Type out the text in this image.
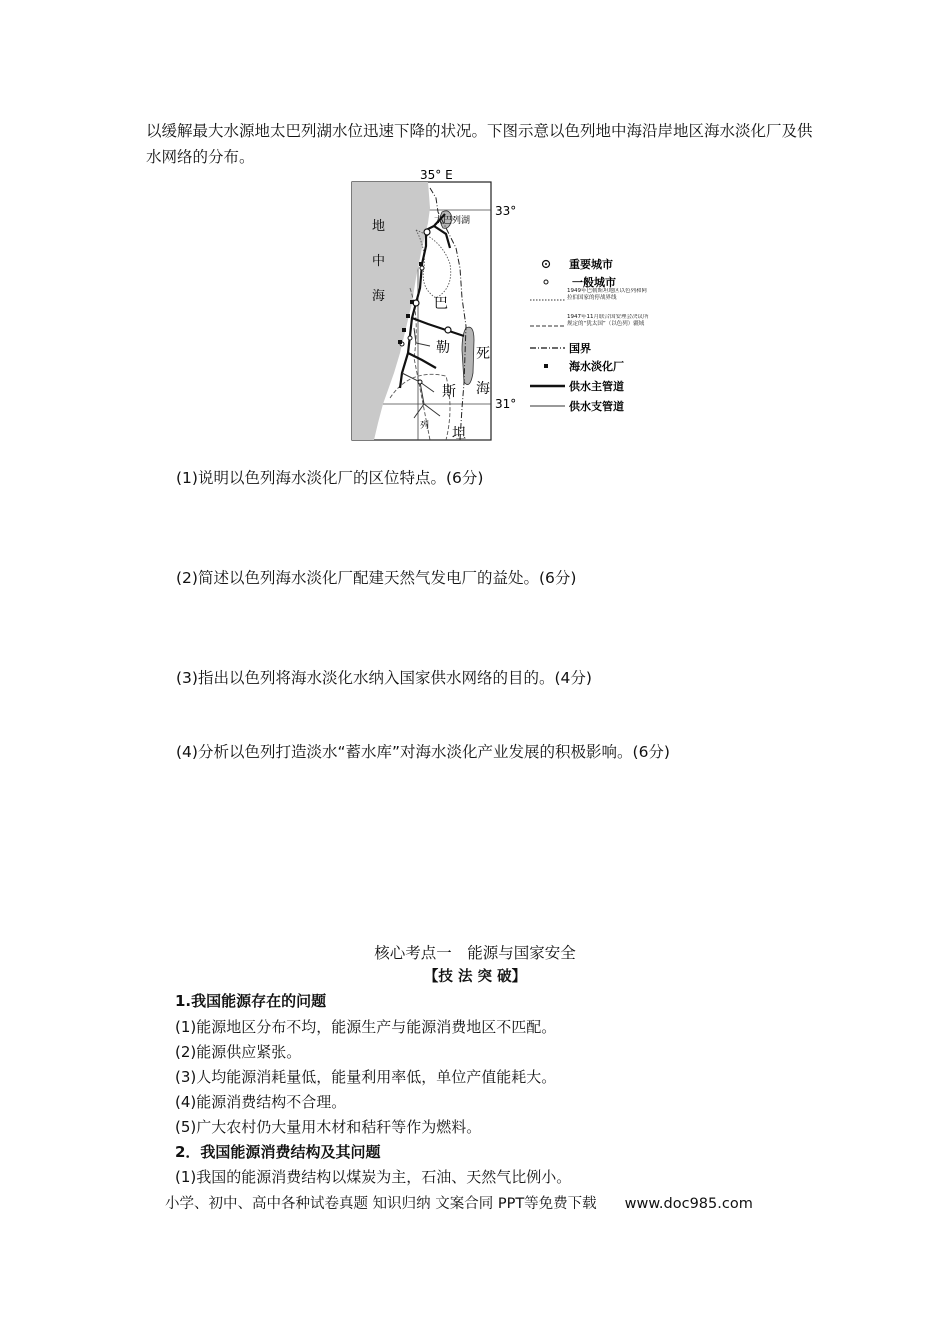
以缓解最大水源地太巴列湖水位迅速下降的状况。下图示意以色列地中海沿岸地区海水淡化厂及供水网络的分布。
35° E
33°
31°
地
中
海
太巴列湖
死
海
巴
勒
斯
坦
列
重要城市
一般城市
1949年巴勒斯坦地区以色列和阿拉伯国家的停战界线
1947年11月联合国安理会决议所规定的“犹太国”（以色列）疆域
国界
海水淡化厂
供水主管道
供水支管道
(1)说明以色列海水淡化厂的区位特点。(6分)
(2)简述以色列海水淡化厂配建天然气发电厂的益处。(6分)
(3)指出以色列将海水淡化水纳入国家供水网络的目的。(4分)
(4)分析以色列打造淡水“蓄水库”对海水淡化产业发展的积极影响。(6分)
核心考点一　能源与国家安全
【技 法 突 破】
1.我国能源存在的问题
(1)能源地区分布不均，能源生产与能源消费地区不匹配。
(2)能源供应紧张。
(3)人均能源消耗量低，能量利用率低，单位产值能耗大。
(4)能源消费结构不合理。
(5)广大农村仍大量用木材和秸秆等作为燃料。
2．我国能源消费结构及其问题
(1)我国的能源消费结构以煤炭为主，石油、天然气比例小。
小学、初中、高中各种试卷真题 知识归纳 文案合同 PPT等免费下载 www.doc985.com
